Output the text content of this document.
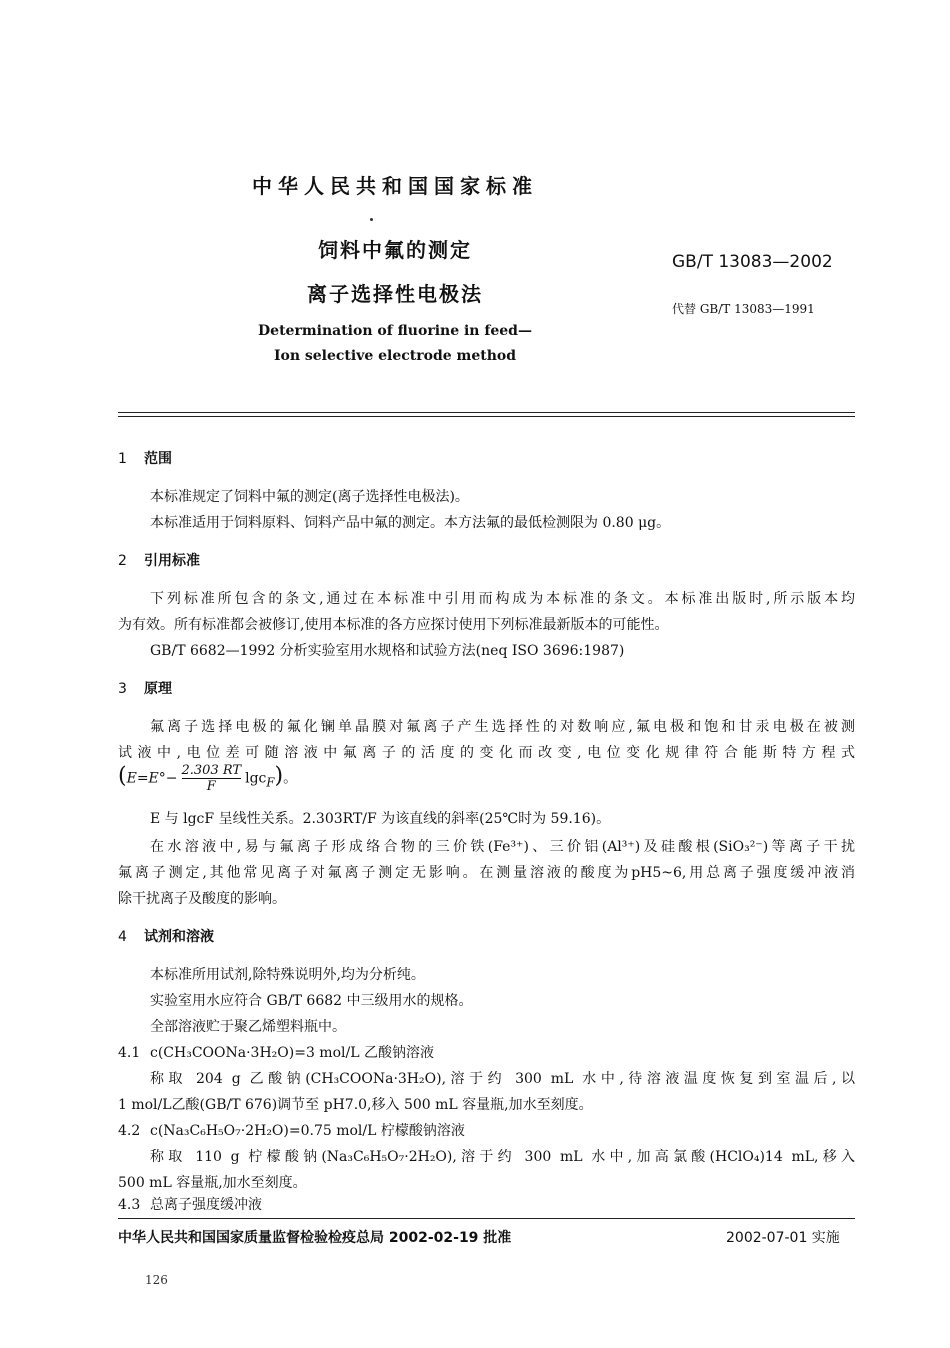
中华人民共和国国家标准
饲料中氟的测定
离子选择性电极法
Determination of fluorine in feed—
Ion selective electrode method
GB/T 13083—2002
代替 GB/T 13083—1991
1 范围
本标准规定了饲料中氟的测定(离子选择性电极法)。
本标准适用于饲料原料、饲料产品中氟的测定。本方法氟的最低检测限为 0.80 μg。
2 引用标准
下列标准所包含的条文,通过在本标准中引用而构成为本标准的条文。本标准出版时,所示版本均
为有效。所有标准都会被修订,使用本标准的各方应探讨使用下列标准最新版本的可能性。
GB/T 6682—1992 分析实验室用水规格和试验方法(neq ISO 3696:1987)
3 原理
氟离子选择电极的氟化镧单晶膜对氟离子产生选择性的对数响应,氟电极和饱和甘汞电极在被测
试液中,电位差可随溶液中氟离子的活度的变化而改变,电位变化规律符合能斯特方程式
$(E=E^\circ- \frac{2.303 RT}{F} \lg c_F)$。
E 与 lgcF 呈线性关系。2.303RT/F 为该直线的斜率(25℃时为 59.16)。
在水溶液中,易与氟离子形成络合物的三价铁(Fe³⁺)、三价铝(Al³⁺)及硅酸根(SiO₃²⁻)等离子干扰
氟离子测定,其他常见离子对氟离子测定无影响。在测量溶液的酸度为pH5~6,用总离子强度缓冲液消
除干扰离子及酸度的影响。
4 试剂和溶液
本标准所用试剂,除特殊说明外,均为分析纯。
实验室用水应符合 GB/T 6682 中三级用水的规格。
全部溶液贮于聚乙烯塑料瓶中。
4.1 c(CH₃COONa·3H₂O)=3 mol/L 乙酸钠溶液
称取 204 g 乙酸钠(CH₃COONa·3H₂O),溶于约 300 mL 水中,待溶液温度恢复到室温后,以
1 mol/L乙酸(GB/T 676)调节至 pH7.0,移入 500 mL 容量瓶,加水至刻度。
4.2 c(Na₃C₆H₅O₇·2H₂O)=0.75 mol/L 柠檬酸钠溶液
称取 110 g 柠檬酸钠(Na₃C₆H₅O₇·2H₂O),溶于约 300 mL 水中,加高氯酸(HClO₄)14 mL,移入
500 mL 容量瓶,加水至刻度。
4.3 总离子强度缓冲液
中华人民共和国国家质量监督检验检疫总局 2002-02-19 批准	2002-07-01 实施
126
